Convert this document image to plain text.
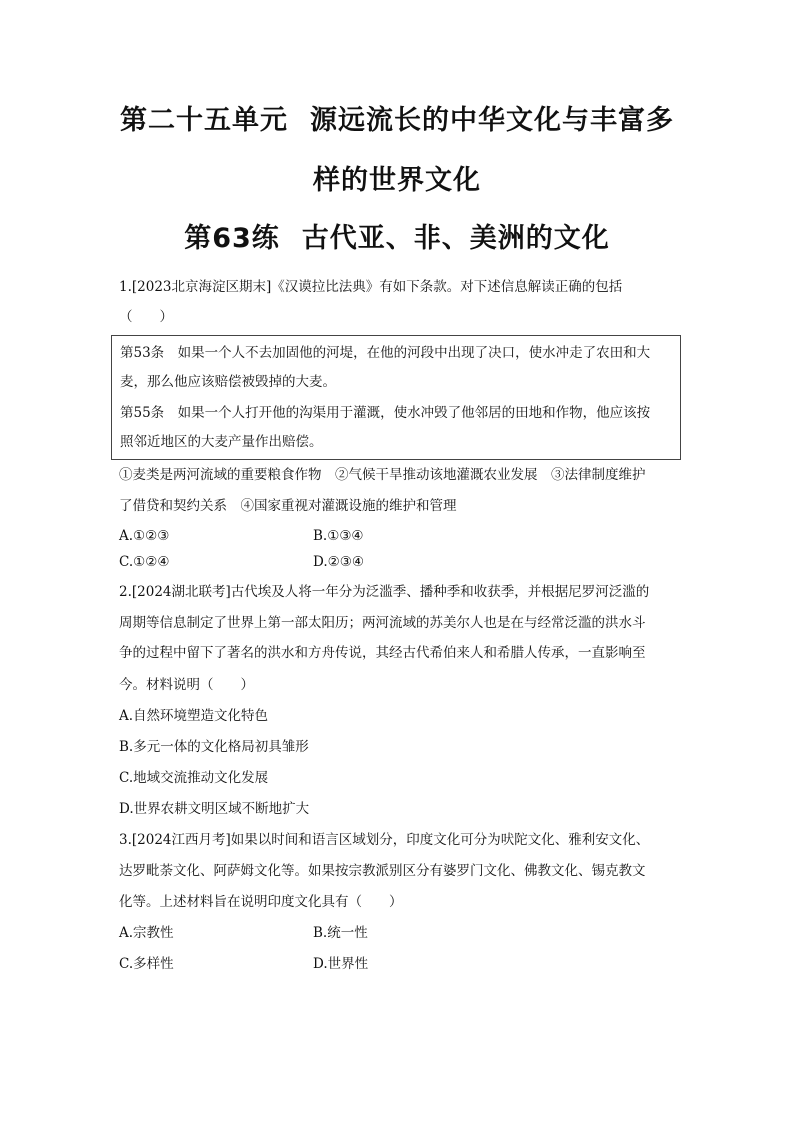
第二十五单元 源远流长的中华文化与丰富多
样的世界文化
第63练 古代亚、非、美洲的文化
1.[2023北京海淀区期末]《汉谟拉比法典》有如下条款。对下述信息解读正确的包括
（　　）
第53条　如果一个人不去加固他的河堤，在他的河段中出现了决口，使水冲走了农田和大
麦，那么他应该赔偿被毁掉的大麦。
第55条　如果一个人打开他的沟渠用于灌溉，使水冲毁了他邻居的田地和作物，他应该按
照邻近地区的大麦产量作出赔偿。
①麦类是两河流域的重要粮食作物　②气候干旱推动该地灌溉农业发展　③法律制度维护
了借贷和契约关系　④国家重视对灌溉设施的维护和管理
A.①②③	B.①③④
C.①②④	D.②③④
2.[2024湖北联考]古代埃及人将一年分为泛滥季、播种季和收获季，并根据尼罗河泛滥的
周期等信息制定了世界上第一部太阳历；两河流域的苏美尔人也是在与经常泛滥的洪水斗
争的过程中留下了著名的洪水和方舟传说，其经古代希伯来人和希腊人传承，一直影响至
今。材料说明（　　）
A.自然环境塑造文化特色
B.多元一体的文化格局初具雏形
C.地域交流推动文化发展
D.世界农耕文明区域不断地扩大
3.[2024江西月考]如果以时间和语言区域划分，印度文化可分为吠陀文化、雅利安文化、
达罗毗荼文化、阿萨姆文化等。如果按宗教派别区分有婆罗门文化、佛教文化、锡克教文
化等。上述材料旨在说明印度文化具有（　　）
A.宗教性	B.统一性
C.多样性	D.世界性
